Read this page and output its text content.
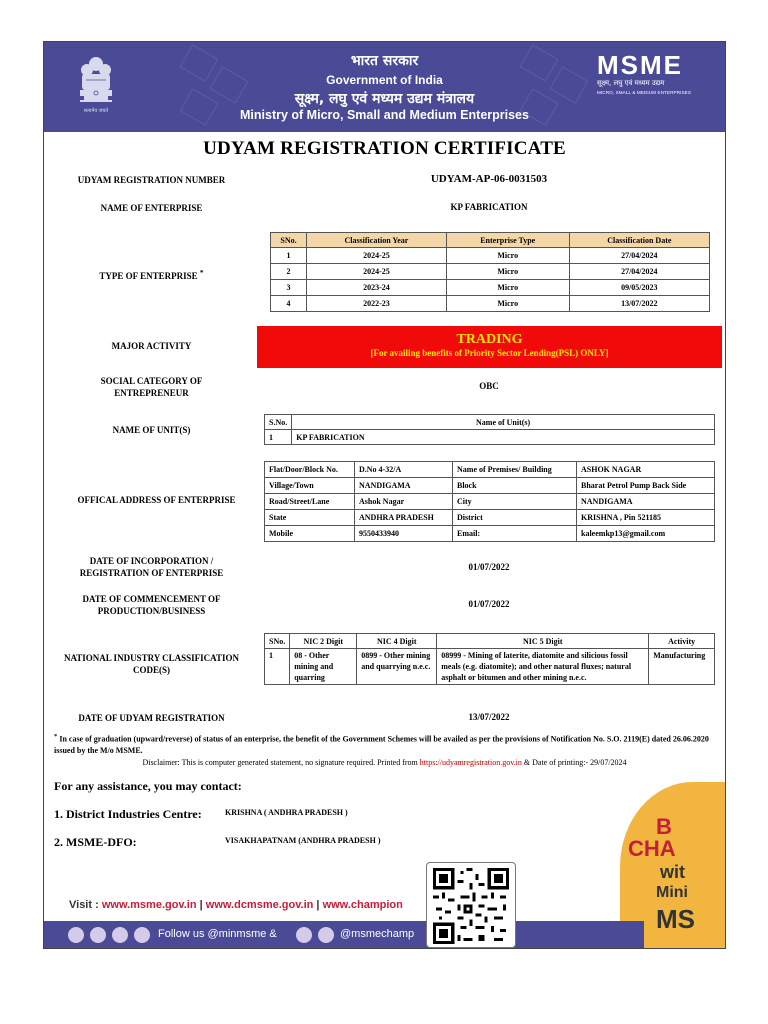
सत्यमेव जयते
भारत सरकार
Government of India
सूक्ष्म, लघु एवं मध्यम उद्यम मंत्रालय
Ministry of Micro, Small and Medium Enterprises
MSME
सूक्ष्म, लघु एवं मध्यम उद्यम
MICRO, SMALL & MEDIUM ENTERPRISES
UDYAM REGISTRATION CERTIFICATE
UDYAM REGISTRATION NUMBER	UDYAM-AP-06-0031503
NAME OF ENTERPRISE	KP FABRICATION
TYPE OF ENTERPRISE *
SNo.	Classification Year	Enterprise Type	Classification Date
1	2024-25	Micro	27/04/2024
2	2024-25	Micro	27/04/2024
3	2023-24	Micro	09/05/2023
4	2022-23	Micro	13/07/2022
MAJOR ACTIVITY	TRADING
[For availing benefits of Priority Sector Lending(PSL) ONLY]
SOCIAL CATEGORY OF ENTREPRENEUR
OBC
NAME OF UNIT(S)
S.No.	Name of Unit(s)
1	KP FABRICATION
OFFICAL ADDRESS OF ENTERPRISE
Flat/Door/Block No.	D.No 4-32/A	Name of Premises/ Building	ASHOK NAGAR
Village/Town	NANDIGAMA	Block	Bharat Petrol Pump Back Side
Road/Street/Lane	Ashok Nagar	City	NANDIGAMA
State	ANDHRA PRADESH	District	KRISHNA , Pin 521185
Mobile	9550433940	Email:	kaleemkp13@gmail.com
DATE OF INCORPORATION / REGISTRATION OF ENTERPRISE
01/07/2022
DATE OF COMMENCEMENT OF PRODUCTION/BUSINESS
01/07/2022
NATIONAL INDUSTRY CLASSIFICATION CODE(S)
SNo.	NIC 2 Digit	NIC 4 Digit	NIC 5 Digit	Activity
1	08 - Other mining and quarring	0899 - Other mining and quarrying n.e.c.	08999 - Mining of laterite, diatomite and silicious fossil meals (e.g. diatomite); and other natural fluxes; natural asphalt or bitumen and other mining n.e.c.	Manufacturing
DATE OF UDYAM REGISTRATION	13/07/2022
* In case of graduation (upward/reverse) of status of an enterprise, the benefit of the Government Schemes will be availed as per the provisions of Notification No. S.O. 2119(E) dated 26.06.2020 issued by the M/o MSME.
Disclaimer: This is computer generated statement, no signature required. Printed from https://udyamregistration.gov.in & Date of printing:- 29/07/2024
For any assistance, you may contact:
1. District Industries Centre:	KRISHNA ( ANDHRA PRADESH )
2. MSME-DFO:	VISAKHAPATNAM (ANDHRA PRADESH )
B
CHA
wit
Mini
MS
Visit : www.msme.gov.in | www.dcmsme.gov.in | www.champion
Follow us @minmsme &	@msmechamp
